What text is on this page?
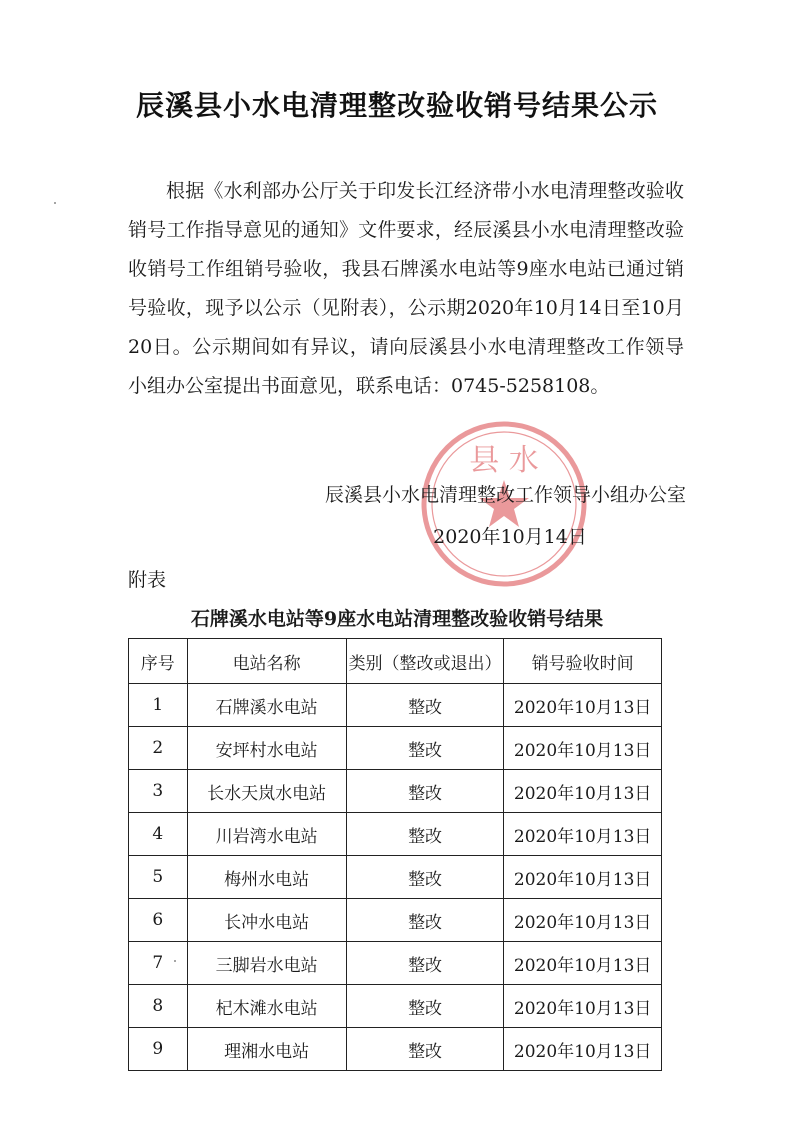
辰溪县小水电清理整改验收销号结果公示

根据《水利部办公厅关于印发长江经济带小水电清理整改验收销号工作指导意见的通知》文件要求，经辰溪县小水电清理整改验收销号工作组销号验收，我县石牌溪水电站等9座水电站已通过销号验收，现予以公示（见附表），公示期2020年10月14日至10月20日。公示期间如有异议，请向辰溪县小水电清理整改工作领导小组办公室提出书面意见，联系电话：0745-5258108。

县 水
辰溪县小水电清理整改工作领导小组办公室
2020年10月14日
附表
石牌溪水电站等9座水电站清理整改验收销号结果
序号	电站名称	类别（整改或退出）	销号验收时间
1	石牌溪水电站	整改	2020年10月13日
2	安坪村水电站	整改	2020年10月13日
3	长水天岚水电站	整改	2020年10月13日
4	川岩湾水电站	整改	2020年10月13日
5	梅州水电站	整改	2020年10月13日
6	长冲水电站	整改	2020年10月13日
7	三脚岩水电站	整改	2020年10月13日
8	杞木滩水电站	整改	2020年10月13日
9	理湘水电站	整改	2020年10月13日
